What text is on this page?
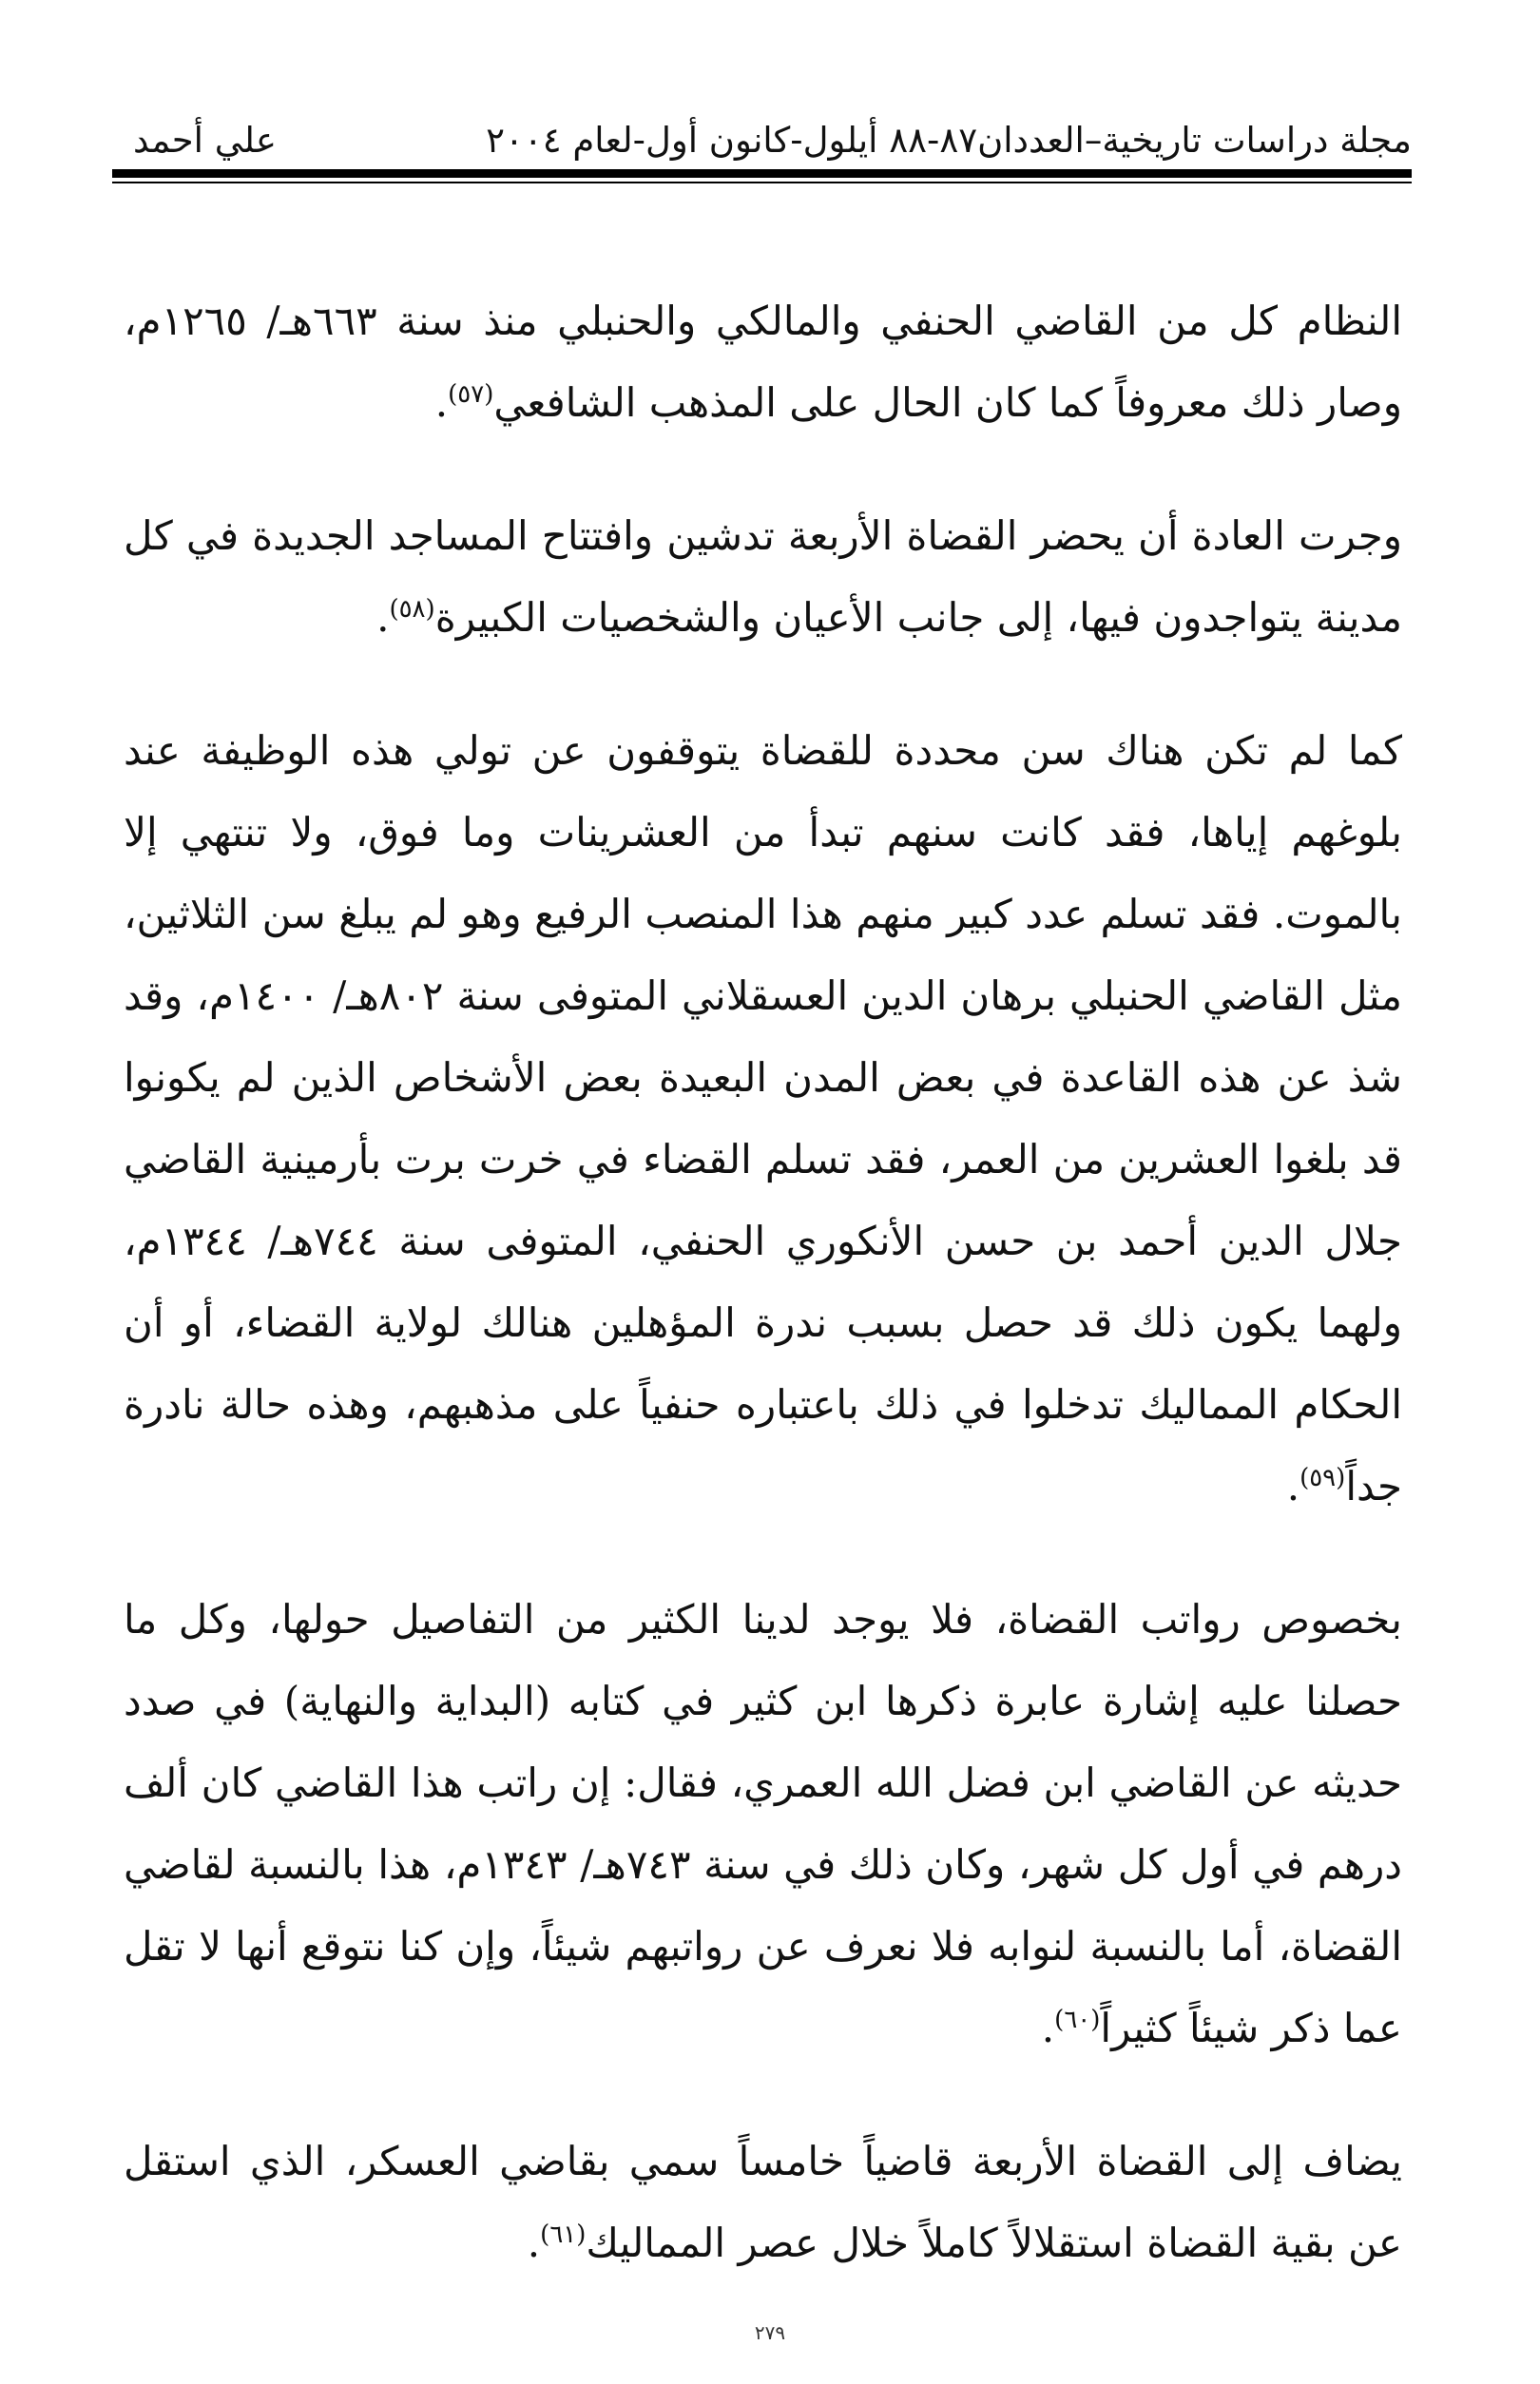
مجلة دراسات تاريخية–العددان٨٧-٨٨ أيلول-كانون أول-لعام ٢٠٠٤
علي أحمد

النظام كل من القاضي الحنفي والمالكي والحنبلي منذ سنة ٦٦٣هـ/ ١٢٦٥م، وصار ذلك معروفاً كما كان الحال على المذهب الشافعي$^{(٥٧)}$.

وجرت العادة أن يحضر القضاة الأربعة تدشين وافتتاح المساجد الجديدة في كل مدينة يتواجدون فيها، إلى جانب الأعيان والشخصيات الكبيرة$^{(٥٨)}$.

كما لم تكن هناك سن محددة للقضاة يتوقفون عن تولي هذه الوظيفة عند بلوغهم إياها، فقد كانت سنهم تبدأ من العشرينات وما فوق، ولا تنتهي إلا بالموت. فقد تسلم عدد كبير منهم هذا المنصب الرفيع وهو لم يبلغ سن الثلاثين، مثل القاضي الحنبلي برهان الدين العسقلاني المتوفى سنة ٨٠٢هـ/ ١٤٠٠م، وقد شذ عن هذه القاعدة في بعض المدن البعيدة بعض الأشخاص الذين لم يكونوا قد بلغوا العشرين من العمر، فقد تسلم القضاء في خرت برت بأرمينية القاضي جلال الدين أحمد بن حسن الأنكوري الحنفي، المتوفى سنة ٧٤٤هـ/ ١٣٤٤م، ولهما يكون ذلك قد حصل بسبب ندرة المؤهلين هنالك لولاية القضاء، أو أن الحكام المماليك تدخلوا في ذلك باعتباره حنفياً على مذهبهم، وهذه حالة نادرة جداً$^{(٥٩)}$.

بخصوص رواتب القضاة، فلا يوجد لدينا الكثير من التفاصيل حولها، وكل ما حصلنا عليه إشارة عابرة ذكرها ابن كثير في كتابه (البداية والنهاية) في صدد حديثه عن القاضي ابن فضل الله العمري، فقال: إن راتب هذا القاضي كان ألف درهم في أول كل شهر، وكان ذلك في سنة ٧٤٣هـ/ ١٣٤٣م، هذا بالنسبة لقاضي القضاة، أما بالنسبة لنوابه فلا نعرف عن رواتبهم شيئاً، وإن كنا نتوقع أنها لا تقل عما ذكر شيئاً كثيراً$^{(٦٠)}$.

يضاف إلى القضاة الأربعة قاضياً خامساً سمي بقاضي العسكر، الذي استقل عن بقية القضاة استقلالاً كاملاً خلال عصر المماليك$^{(٦١)}$.

٢٧٩
